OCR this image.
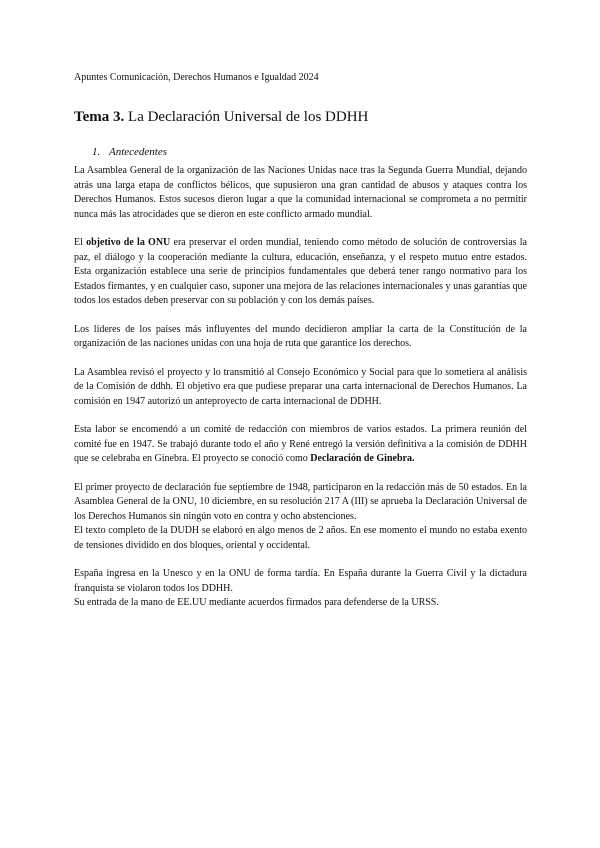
Apuntes Comunicación, Derechos Humanos e Igualdad 2024
Tema 3. La Declaración Universal de los DDHH
1. Antecedentes

La Asamblea General de la organización de las Naciones Unidas nace tras la Segunda Guerra Mundial, dejando atrás una larga etapa de conflictos bélicos, que supusieron una gran cantidad de abusos y ataques contra los Derechos Humanos. Estos sucesos dieron lugar a que la comunidad internacional se comprometa a no permitir nunca más las atrocidades que se dieron en este conflicto armado mundial.

El objetivo de la ONU era preservar el orden mundial, teniendo como método de solución de controversias la paz, el diálogo y la cooperación mediante la cultura, educación, enseñanza, y el respeto mutuo entre estados. Esta organización establece una serie de principios fundamentales que deberá tener rango normativo para los Estados firmantes, y en cualquier caso, suponer una mejora de las relaciones internacionales y unas garantías que todos los estados deben preservar con su población y con los demás países.

Los líderes de los países más influyentes del mundo decidieron ampliar la carta de la Constitución de la organización de las naciones unidas con una hoja de ruta que garantice los derechos.

La Asamblea revisó el proyecto y lo transmitió al Consejo Económico y Social para que lo sometiera al análisis de la Comisión de ddhh. El objetivo era que pudiese preparar una carta internacional de Derechos Humanos. La comisión en 1947 autorizó un anteproyecto de carta internacional de DDHH.

Esta labor se encomendó a un comité de redacción con miembros de varios estados. La primera reunión del comité fue en 1947. Se trabajó durante todo el año y René entregó la versión definitiva a la comisión de DDHH que se celebraba en Ginebra. El proyecto se conoció como Declaración de Ginebra.

El primer proyecto de declaración fue septiembre de 1948, participaron en la redacción más de 50 estados. En la Asamblea General de la ONU, 10 diciembre, en su resolución 217 A (III) se aprueba la Declaración Universal de los Derechos Humanos sin ningún voto en contra y ocho abstenciones.

El texto completo de la DUDH se elaboró en algo menos de 2 años. En ese momento el mundo no estaba exento de tensiones dividido en dos bloques, oriental y occidental.

España ingresa en la Unesco y en la ONU de forma tardía. En España durante la Guerra Civil y la dictadura franquista se violaron todos los DDHH.

Su entrada de la mano de EE.UU mediante acuerdos firmados para defenderse de la URSS.
